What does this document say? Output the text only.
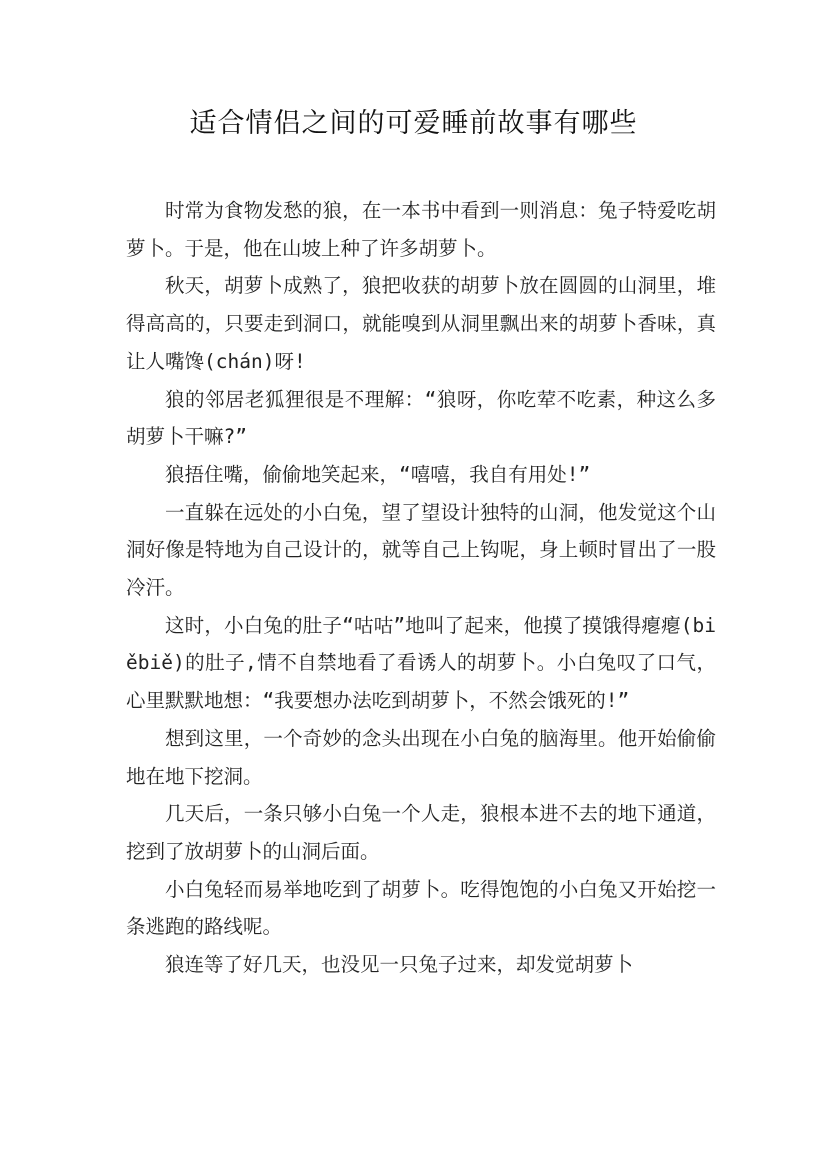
适合情侣之间的可爱睡前故事有哪些

时常为食物发愁的狼，在一本书中看到一则消息：兔子特爱吃胡萝卜。于是，他在山坡上种了许多胡萝卜。

秋天，胡萝卜成熟了，狼把收获的胡萝卜放在圆圆的山洞里，堆得高高的，只要走到洞口，就能嗅到从洞里飘出来的胡萝卜香味，真让人嘴馋(chán)呀!

狼的邻居老狐狸很是不理解：“狼呀，你吃荤不吃素，种这么多胡萝卜干嘛?”

狼捂住嘴，偷偷地笑起来，“嘻嘻，我自有用处!”

一直躲在远处的小白兔，望了望设计独特的山洞，他发觉这个山洞好像是特地为自己设计的，就等自己上钩呢，身上顿时冒出了一股冷汗。

这时，小白兔的肚子“咕咕”地叫了起来，他摸了摸饿得瘪瘪(biěbiě)的肚子,情不自禁地看了看诱人的胡萝卜。小白兔叹了口气，心里默默地想：“我要想办法吃到胡萝卜，不然会饿死的!”

想到这里，一个奇妙的念头出现在小白兔的脑海里。他开始偷偷地在地下挖洞。

几天后，一条只够小白兔一个人走，狼根本进不去的地下通道，挖到了放胡萝卜的山洞后面。

小白兔轻而易举地吃到了胡萝卜。吃得饱饱的小白兔又开始挖一条逃跑的路线呢。

狼连等了好几天，也没见一只兔子过来，却发觉胡萝卜
